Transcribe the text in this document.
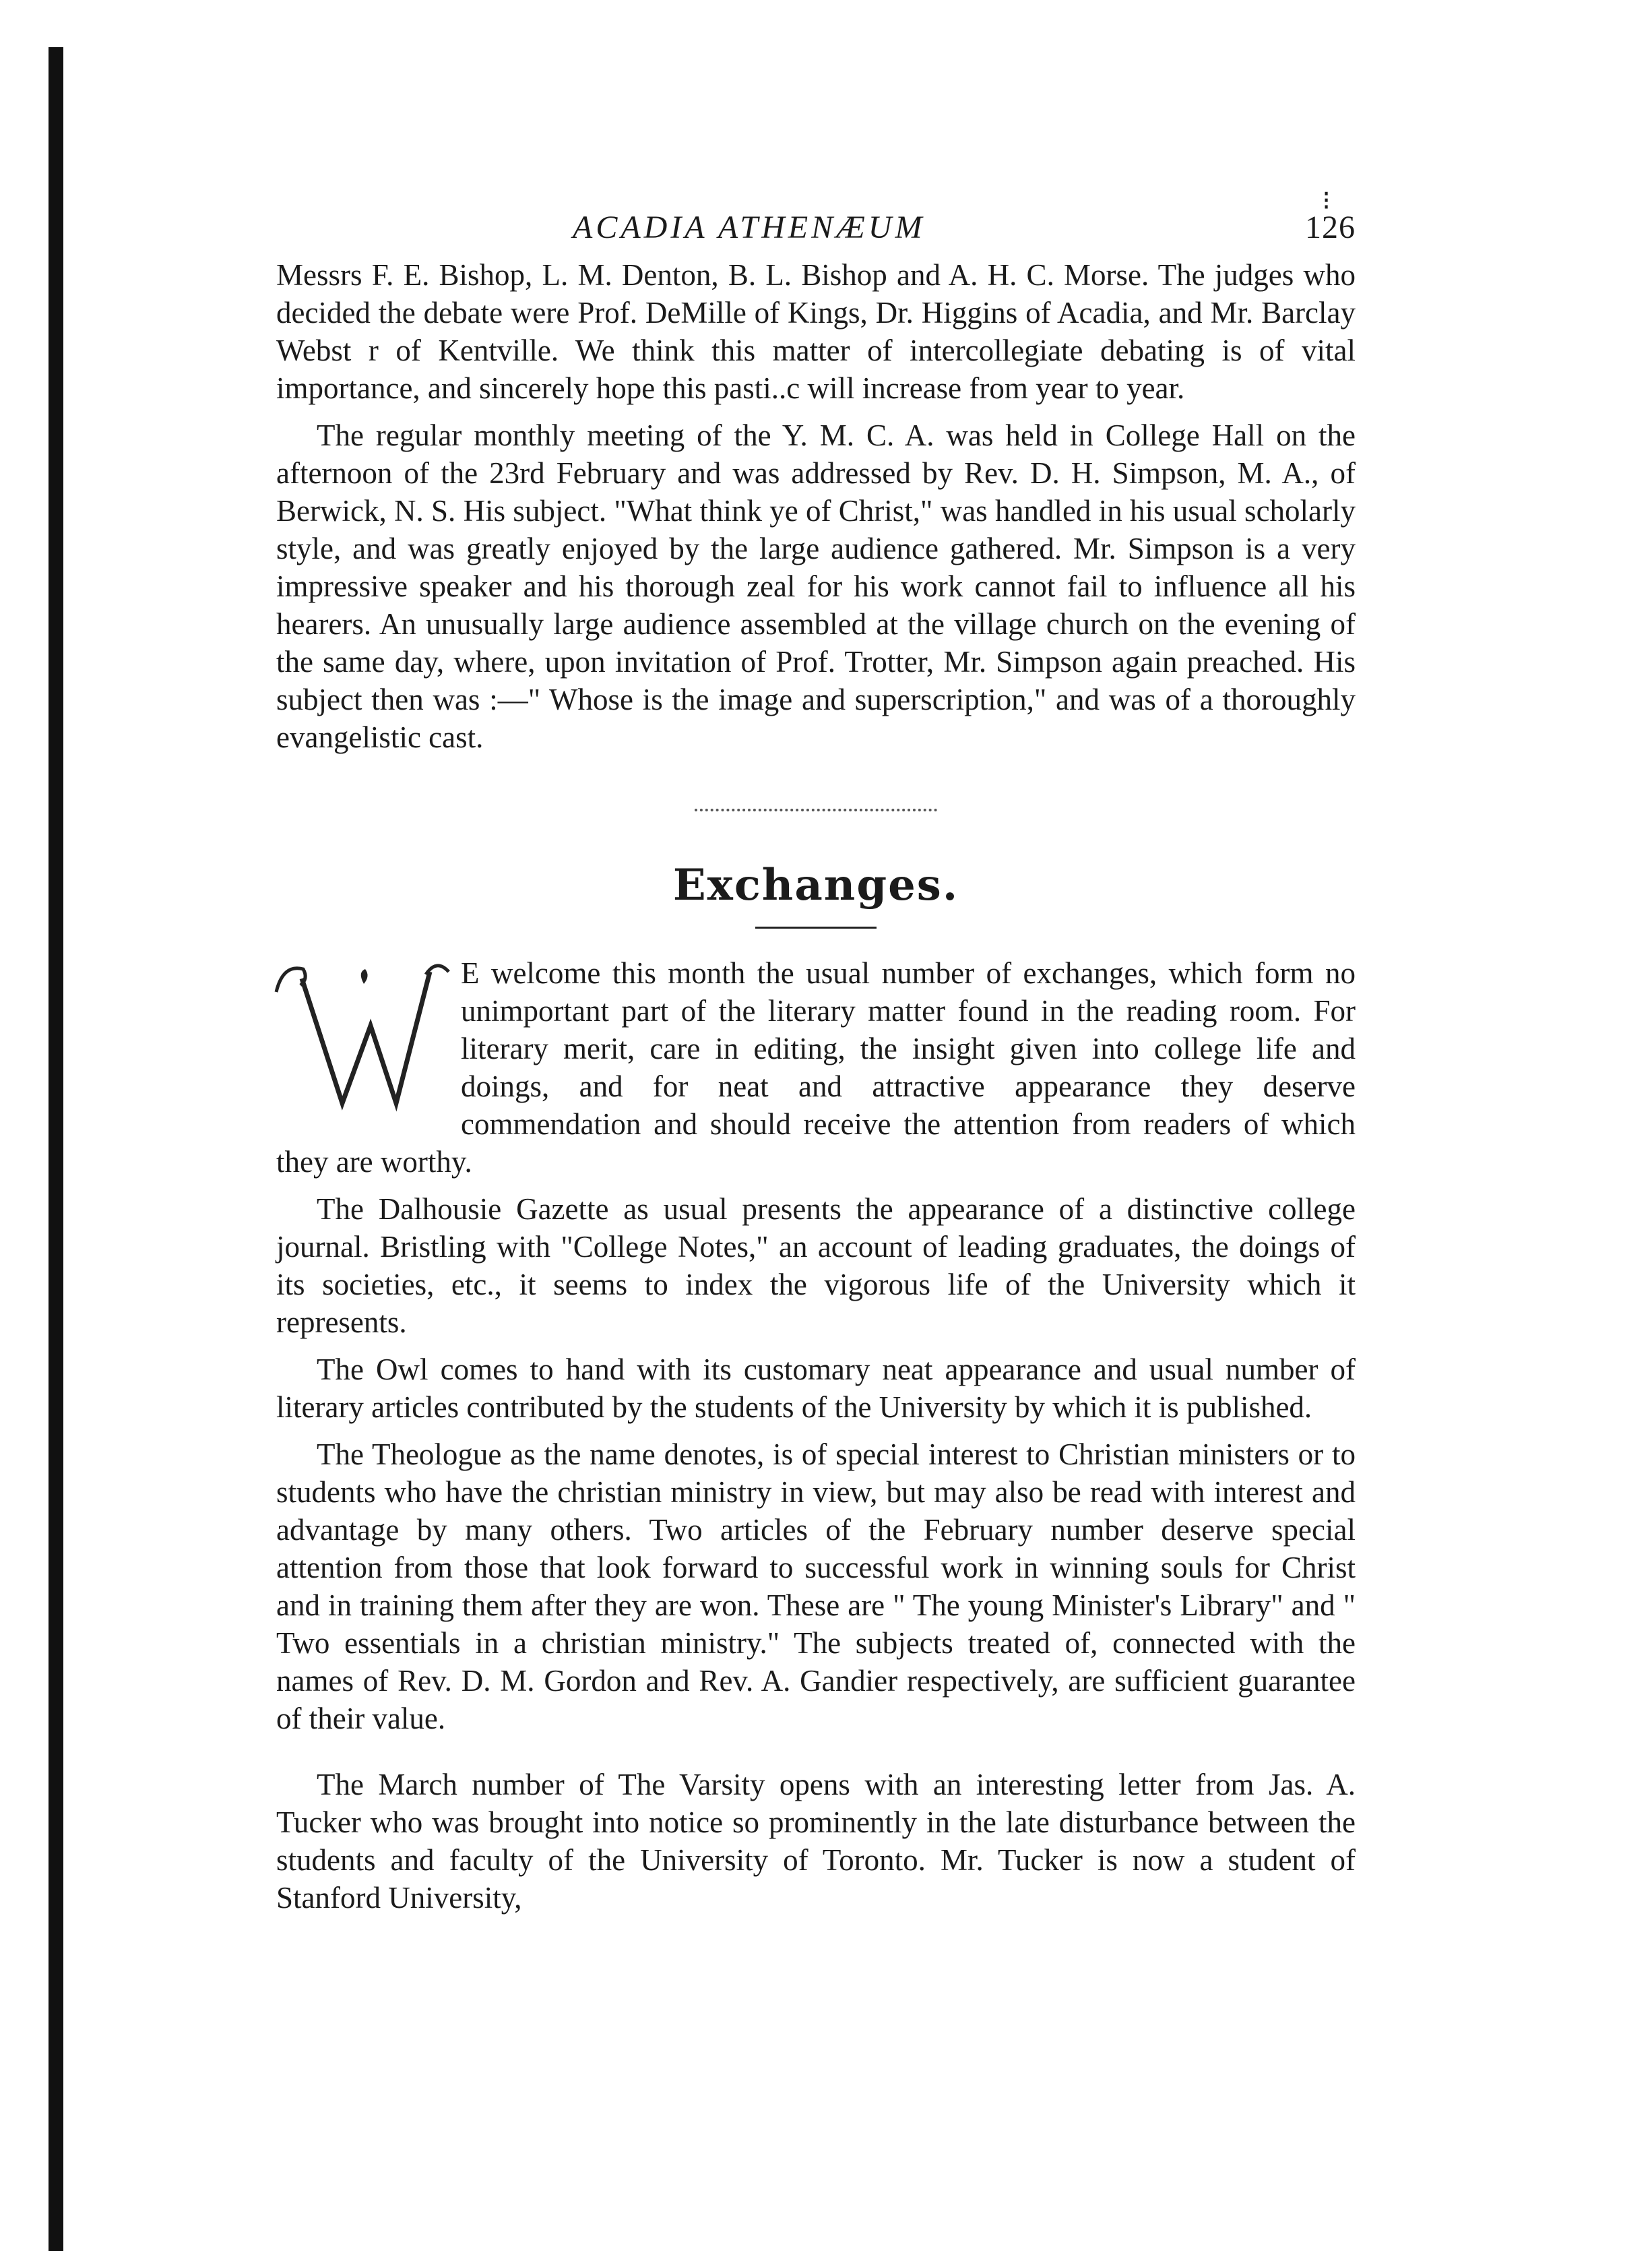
ACADIA ATHENÆUM
⁝
126

Messrs F. E. Bishop, L. M. Denton, B. L. Bishop and A. H. C. Morse. The judges who decided the debate were Prof. DeMille of Kings, Dr. Higgins of Acadia, and Mr. Barclay Webst r of Kentville. We think this matter of intercollegiate debating is of vital importance, and sincerely hope this pasti..c will increase from year to year.

The regular monthly meeting of the Y. M. C. A. was held in College Hall on the afternoon of the 23rd February and was addressed by Rev. D. H. Simpson, M. A., of Berwick, N. S. His subject. "What think ye of Christ," was handled in his usual scholarly style, and was greatly enjoyed by the large audience gathered. Mr. Simpson is a very impressive speaker and his thorough zeal for his work cannot fail to influence all his hearers. An unusually large audience assembled at the village church on the evening of the same day, where, upon invitation of Prof. Trotter, Mr. Simpson again preached. His subject then was :—" Whose is the image and superscription," and was of a thoroughly evangelistic cast.

Exchanges.

E welcome this month the usual number of exchanges, which form no unimportant part of the literary matter found in the reading room. For literary merit, care in editing, the insight given into college life and doings, and for neat and attractive appearance they deserve commendation and should receive the attention from readers of which they are worthy.

The Dalhousie Gazette as usual presents the appearance of a distinctive college journal. Bristling with "College Notes," an account of leading graduates, the doings of its societies, etc., it seems to index the vigorous life of the University which it represents.

The Owl comes to hand with its customary neat appearance and usual number of literary articles contributed by the students of the University by which it is published.

The Theologue as the name denotes, is of special interest to Christian ministers or to students who have the christian ministry in view, but may also be read with interest and advantage by many others. Two articles of the February number deserve special attention from those that look forward to successful work in winning souls for Christ and in training them after they are won. These are " The young Minister's Library" and " Two essentials in a christian ministry." The subjects treated of, connected with the names of Rev. D. M. Gordon and Rev. A. Gandier respectively, are sufficient guarantee of their value.

The March number of The Varsity opens with an interesting letter from Jas. A. Tucker who was brought into notice so prominently in the late disturbance between the students and faculty of the University of Toronto. Mr. Tucker is now a student of Stanford University,
